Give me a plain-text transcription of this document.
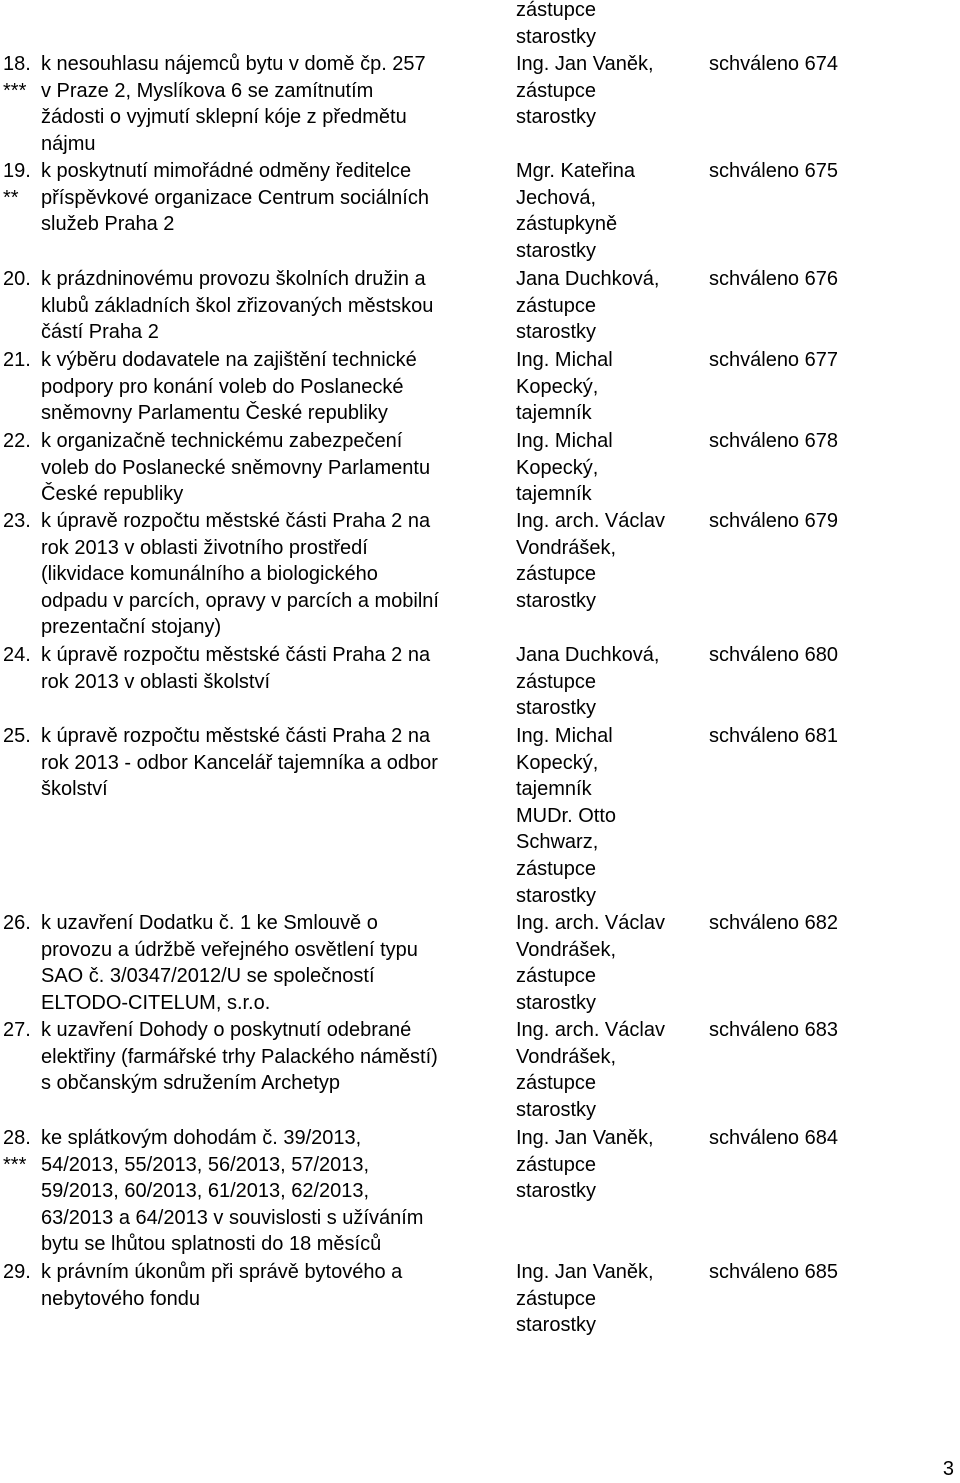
zástupce
starostky
18.
***
k nesouhlasu nájemců bytu v domě čp. 257
v Praze 2, Myslíkova 6 se zamítnutím
žádosti o vyjmutí sklepní kóje z předmětu
nájmu
Ing. Jan Vaněk,
zástupce
starostky
schváleno 674
19.
**
k poskytnutí mimořádné odměny ředitelce
příspěvkové organizace Centrum sociálních
služeb Praha 2
Mgr. Kateřina
Jechová,
zástupkyně
starostky
schváleno 675
20. k prázdninovému provozu školních družin a
klubů základních škol zřizovaných městskou
částí Praha 2
Jana Duchková,
zástupce
starostky
schváleno 676
21. k výběru dodavatele na zajištění technické
podpory pro konání voleb do Poslanecké
sněmovny Parlamentu České republiky
Ing. Michal
Kopecký,
tajemník
schváleno 677
22. k organizačně technickému zabezpečení
voleb do Poslanecké sněmovny Parlamentu
České republiky
Ing. Michal
Kopecký,
tajemník
schváleno 678
23. k úpravě rozpočtu městské části Praha 2 na
rok 2013 v oblasti životního prostředí
(likvidace komunálního a biologického
odpadu v parcích, opravy v parcích a mobilní
prezentační stojany)
Ing. arch. Václav
Vondrášek,
zástupce
starostky
schváleno 679
24. k úpravě rozpočtu městské části Praha 2 na
rok 2013 v oblasti školství
Jana Duchková,
zástupce
starostky
schváleno 680
25. k úpravě rozpočtu městské části Praha 2 na
rok 2013 - odbor Kancelář tajemníka a odbor
školství
Ing. Michal
Kopecký,
tajemník
MUDr. Otto
Schwarz,
zástupce
starostky
schváleno 681
26. k uzavření Dodatku č. 1 ke Smlouvě o
provozu a údržbě veřejného osvětlení typu
SAO č. 3/0347/2012/U se společností
ELTODO-CITELUM, s.r.o.
Ing. arch. Václav
Vondrášek,
zástupce
starostky
schváleno 682
27. k uzavření Dohody o poskytnutí odebrané
elektřiny (farmářské trhy Palackého náměstí)
s občanským sdružením Archetyp
Ing. arch. Václav
Vondrášek,
zástupce
starostky
schváleno 683
28.
***
ke splátkovým dohodám č. 39/2013,
54/2013, 55/2013, 56/2013, 57/2013,
59/2013, 60/2013, 61/2013, 62/2013,
63/2013 a 64/2013 v souvislosti s užíváním
bytu se lhůtou splatnosti do 18 měsíců
Ing. Jan Vaněk,
zástupce
starostky
schváleno 684
29. k právním úkonům při správě bytového a
nebytového fondu
Ing. Jan Vaněk,
zástupce
starostky
schváleno 685
3
